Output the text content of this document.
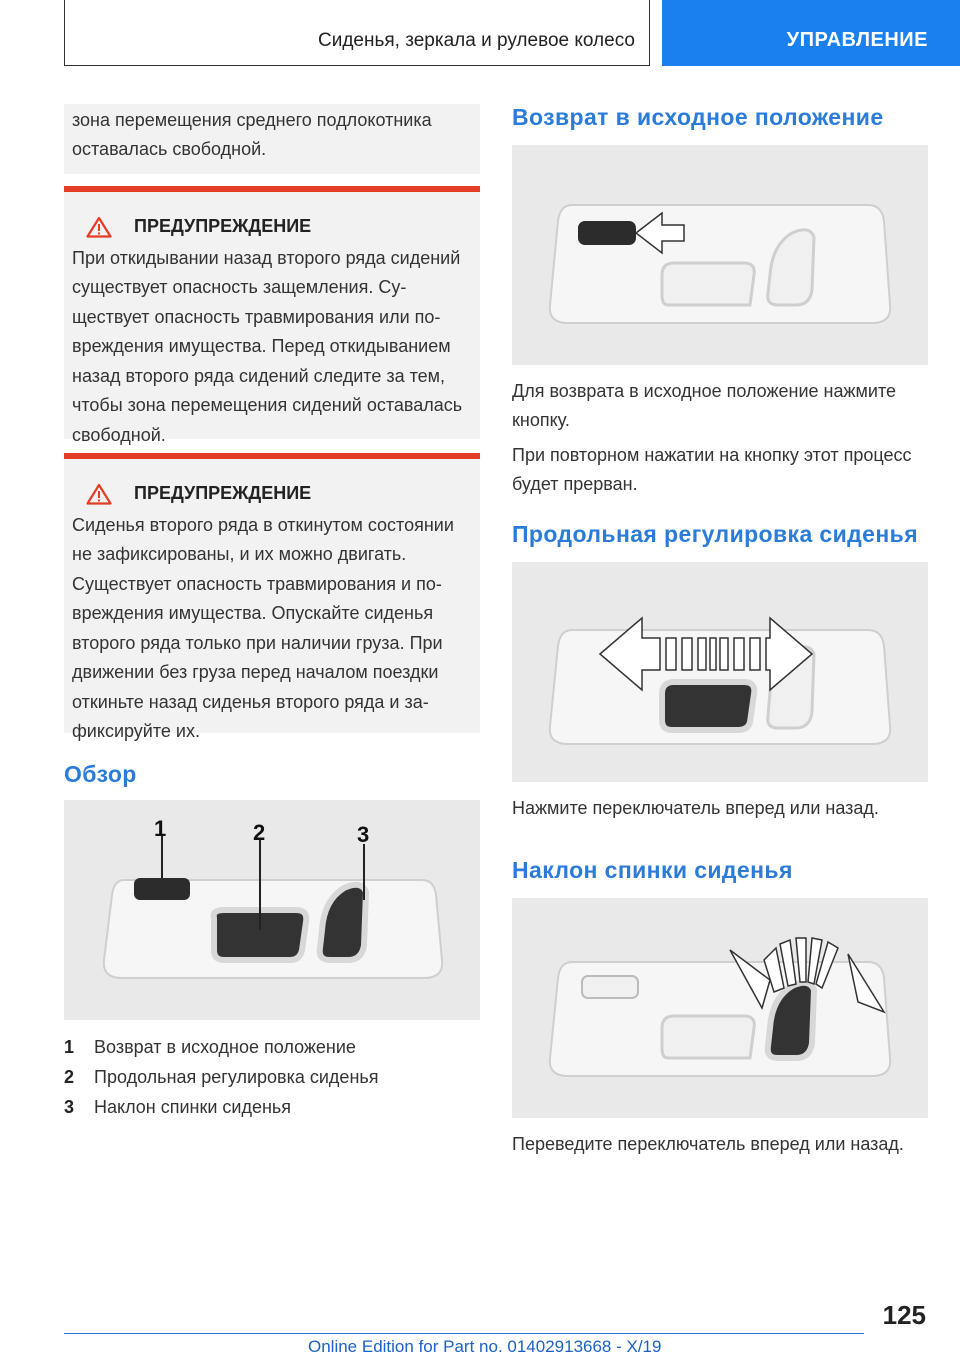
Сиденья, зеркала и рулевое колесо	УПРАВЛЕНИЕ
зона перемещения среднего подлокотника оставалась свободной.
ПРЕДУПРЕЖДЕНИЕ
При откидывании назад второго ряда сидений существует опасность защемления. Существует опасность травмирования или повреждения имущества. Перед откидыванием назад второго ряда сидений следите за тем, чтобы зона перемещения сидений оставалась свободной.
ПРЕДУПРЕЖДЕНИЕ
Сиденья второго ряда в откинутом состоянии не зафиксированы, и их можно двигать. Существует опасность травмирования и повреждения имущества. Опускайте сиденья второго ряда только при наличии груза. При движении без груза перед началом поездки откиньте назад сиденья второго ряда и зафиксируйте их.
Обзор
1	2	3
1	Возврат в исходное положение
2	Продольная регулировка сиденья
3	Наклон спинки сиденья
Возврат в исходное положение
Для возврата в исходное положение нажмите кнопку.
При повторном нажатии на кнопку этот процесс будет прерван.
Продольная регулировка сиденья
Нажмите переключатель вперед или назад.
Наклон спинки сиденья
Переведите переключатель вперед или назад.
125
Online Edition for Part no. 01402913668 - X/19
